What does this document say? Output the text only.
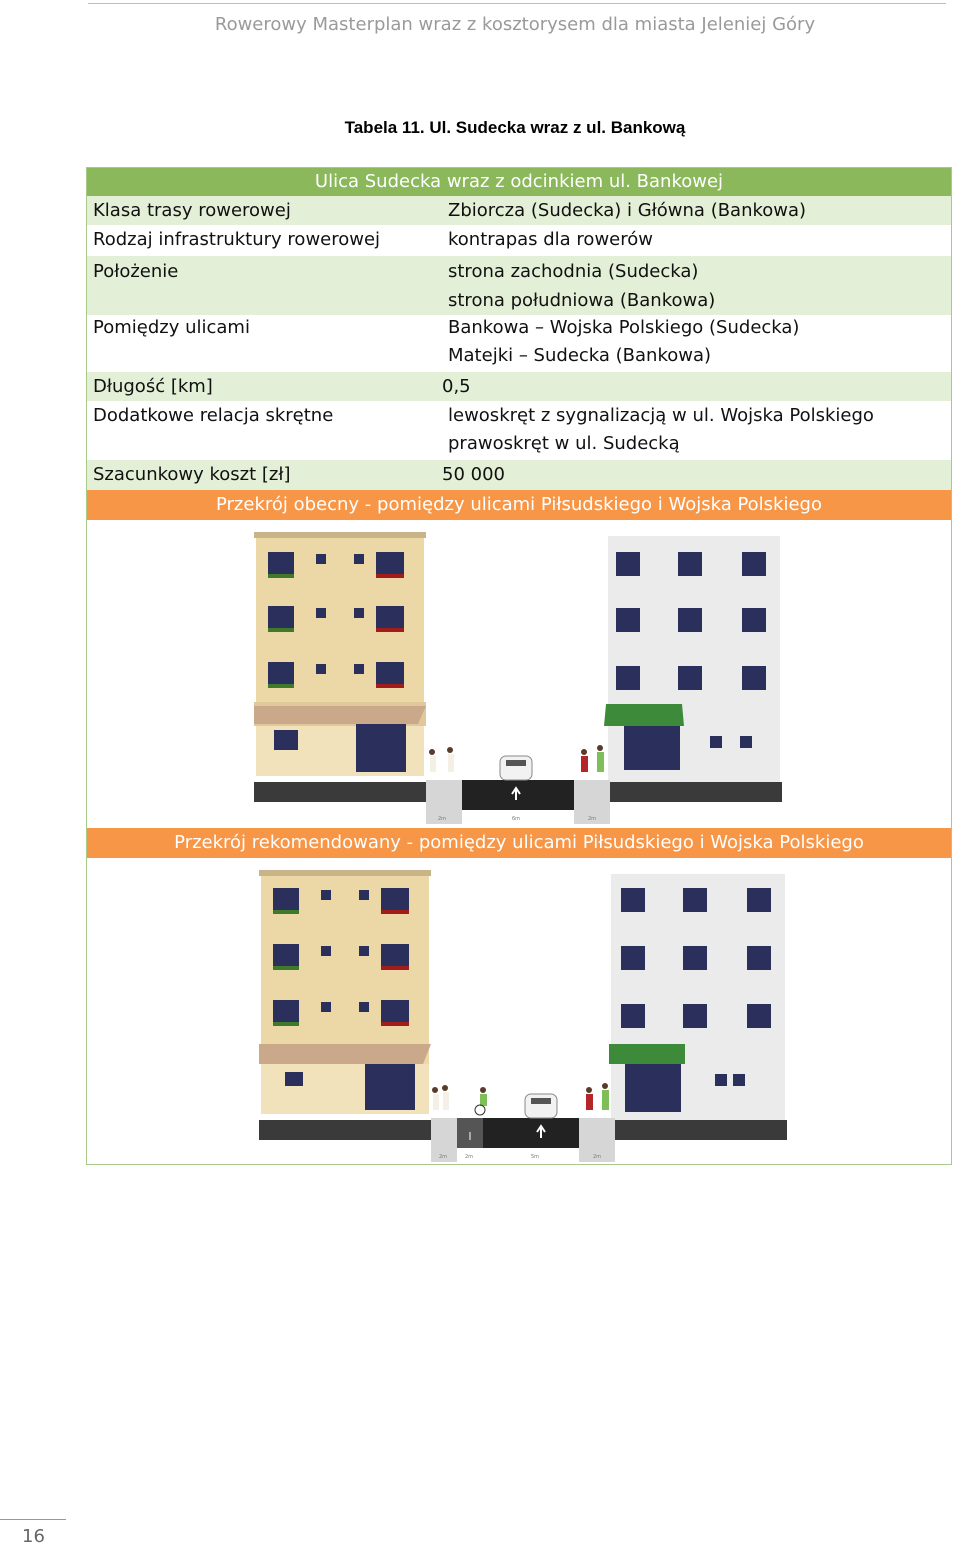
Rowerowy Masterplan wraz z kosztorysem dla miasta Jeleniej Góry
Tabela 11. Ul. Sudecka wraz z ul. Bankową
Ulica Sudecka wraz z odcinkiem ul. Bankowej
Klasa trasy rowerowej	Zbiorcza (Sudecka) i Główna (Bankowa)
Rodzaj infrastruktury rowerowej	kontrapas dla rowerów
Położenie	strona zachodnia (Sudecka)
strona południowa (Bankowa)
Pomiędzy ulicami	Bankowa – Wojska Polskiego (Sudecka)
Matejki – Sudecka (Bankowa)
Długość [km]	0,5
Dodatkowe relacja skrętne	lewoskręt z sygnalizacją w ul. Wojska Polskiego
prawoskręt w ul. Sudecką
Szacunkowy koszt [zł]	50 000
Przekrój obecny - pomiędzy ulicami Piłsudskiego i Wojska Polskiego
Przekrój rekomendowany - pomiędzy ulicami Piłsudskiego i Wojska Polskiego
2m	6m	2m
2m	2m	5m	2m
16
